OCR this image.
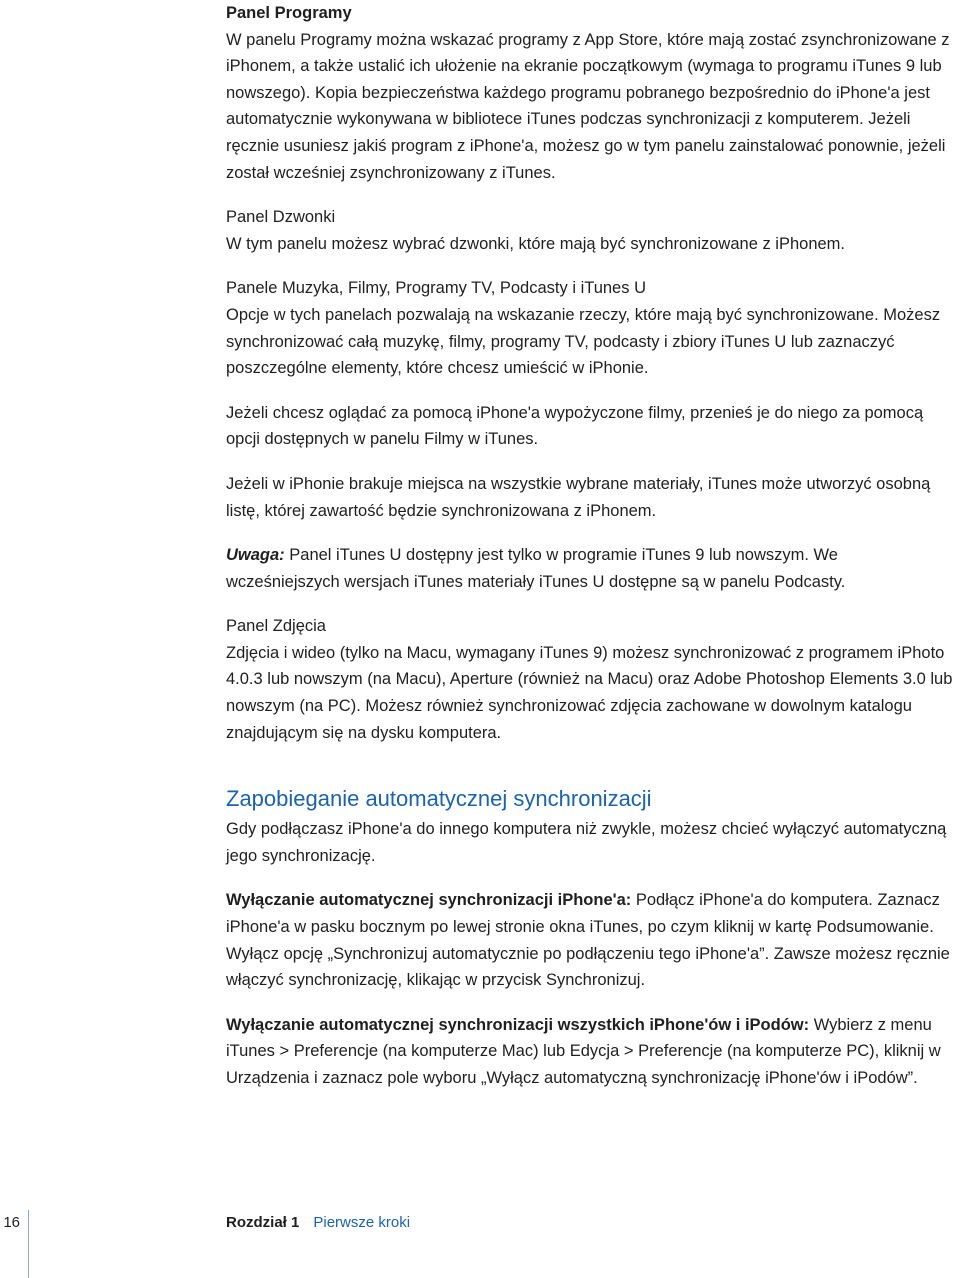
Panel Programy

W panelu Programy można wskazać programy z App Store, które mają zostać zsynchronizowane z iPhonem, a także ustalić ich ułożenie na ekranie początkowym (wymaga to programu iTunes 9 lub nowszego). Kopia bezpieczeństwa każdego programu pobranego bezpośrednio do iPhone'a jest automatycznie wykonywana w bibliotece iTunes podczas synchronizacji z komputerem. Jeżeli ręcznie usuniesz jakiś program z iPhone'a, możesz go w tym panelu zainstalować ponownie, jeżeli został wcześniej zsynchronizowany z iTunes.

Panel Dzwonki

W tym panelu możesz wybrać dzwonki, które mają być synchronizowane z iPhonem.

Panele Muzyka, Filmy, Programy TV, Podcasty i iTunes U

Opcje w tych panelach pozwalają na wskazanie rzeczy, które mają być synchronizowane. Możesz synchronizować całą muzykę, filmy, programy TV, podcasty i zbiory iTunes U lub zaznaczyć poszczególne elementy, które chcesz umieścić w iPhonie.

Jeżeli chcesz oglądać za pomocą iPhone'a wypożyczone filmy, przenieś je do niego za pomocą opcji dostępnych w panelu Filmy w iTunes.

Jeżeli w iPhonie brakuje miejsca na wszystkie wybrane materiały, iTunes może utworzyć osobną listę, której zawartość będzie synchronizowana z iPhonem.

Uwaga: Panel iTunes U dostępny jest tylko w programie iTunes 9 lub nowszym. We wcześniejszych wersjach iTunes materiały iTunes U dostępne są w panelu Podcasty.

Panel Zdjęcia

Zdjęcia i wideo (tylko na Macu, wymagany iTunes 9) możesz synchronizować z programem iPhoto 4.0.3 lub nowszym (na Macu), Aperture (również na Macu) oraz Adobe Photoshop Elements 3.0 lub nowszym (na PC). Możesz również synchronizować zdjęcia zachowane w dowolnym katalogu znajdującym się na dysku komputera.

Zapobieganie automatycznej synchronizacji

Gdy podłączasz iPhone'a do innego komputera niż zwykle, możesz chcieć wyłączyć automatyczną jego synchronizację.

Wyłączanie automatycznej synchronizacji iPhone'a: Podłącz iPhone'a do komputera. Zaznacz iPhone'a w pasku bocznym po lewej stronie okna iTunes, po czym kliknij w kartę Podsumowanie. Wyłącz opcję „Synchronizuj automatycznie po podłączeniu tego iPhone'a”. Zawsze możesz ręcznie włączyć synchronizację, klikając w przycisk Synchronizuj.

Wyłączanie automatycznej synchronizacji wszystkich iPhone'ów i iPodów: Wybierz z menu iTunes > Preferencje (na komputerze Mac) lub Edycja > Preferencje (na komputerze PC), kliknij w Urządzenia i zaznacz pole wyboru „Wyłącz automatyczną synchronizację iPhone'ów i iPodów”.

16	Rozdział 1 Pierwsze kroki
